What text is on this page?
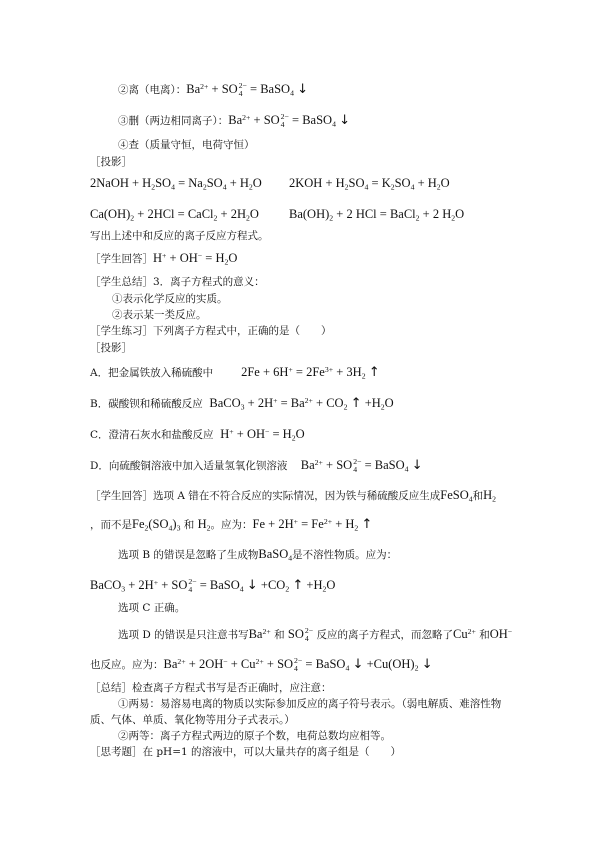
②离（电离）：$Ba^{2+}$ + SO 2−
4 = BaSO$_4$ ↓
③删（两边相同离子）：$Ba^{2+}$ + SO 2−
4 = BaSO$_4$ ↓
④查（质量守恒，电荷守恒）
［投影］
2NaOH + $H_2SO_4 = Na_2SO_4 + H_2O$ $2KOH + H_2SO_4 = K_2SO_4 + H_2O$
$Ca(OH)_2 + 2HCl$ = CaCl$_2$ + $2H_2O$ $Ba(OH)_2 + 2$ HCl = BaCl$_2$ + 2 $H_2O$
写出上述中和反应的离子反应方程式。
［学生回答］H+ + $OH^- = H_2O$
［学生总结］3．离子方程式的意义：
①表示化学反应的实质。
②表示某一类反应。
［学生练习］下列离子方程式中，正确的是（　　）
［投影］
A．把金属铁放入稀硫酸中 $2Fe + 6H^+ = 2Fe^{3+} + 3H_2$ ↑
B．碳酸钡和稀硫酸反应 BaCO$_3$ + $2H^+ = Ba^{2+} + CO_2$ ↑ $+H_2O$
C．澄清石灰水和盐酸反应 $H^+ + OH^- = H_2O$
D．向硫酸铜溶液中加入适量氢氧化钡溶液 $Ba^{2+}$ + SO 2−
4 = BaSO$_4$ ↓
［学生回答］选项 A 错在不符合反应的实际情况，因为铁与稀硫酸反应生成FeSO$_4$和$H_2$
，而不是$Fe_2(SO_4)_3$ 和 $H_2$。应为：$Fe + 2H^+ = Fe^{2+} + H_2$ ↑
选项 B 的错误是忽略了生成物BaSO$_4$是不溶性物质。应为：
BaCO$_3$ + 2H+ + SO 2−
4 = BaSO$_4$ ↓ $+CO_2$ ↑ $+H_2O$
选项 C 正确。
选项 D 的错误是只注意书写$Ba^{2+}$ 和 SO 2−
4 反应的离子方程式，而忽略了$Cu^{2+}$ 和OH−
也反应。应为：$Ba^{2+} + 2OH^- + Cu^{2+}$ + SO 2−
4 = BaSO$_4$ ↓ $+Cu(OH)_2$ ↓
［总结］检查离子方程式书写是否正确时，应注意：
①两易：易溶易电离的物质以实际参加反应的离子符号表示。（弱电解质、难溶性物
质、气体、单质、氧化物等用分子式表示。）
②两等：离子方程式两边的原子个数，电荷总数均应相等。
［思考题］在 pH=1 的溶液中，可以大量共存的离子组是（　　）
